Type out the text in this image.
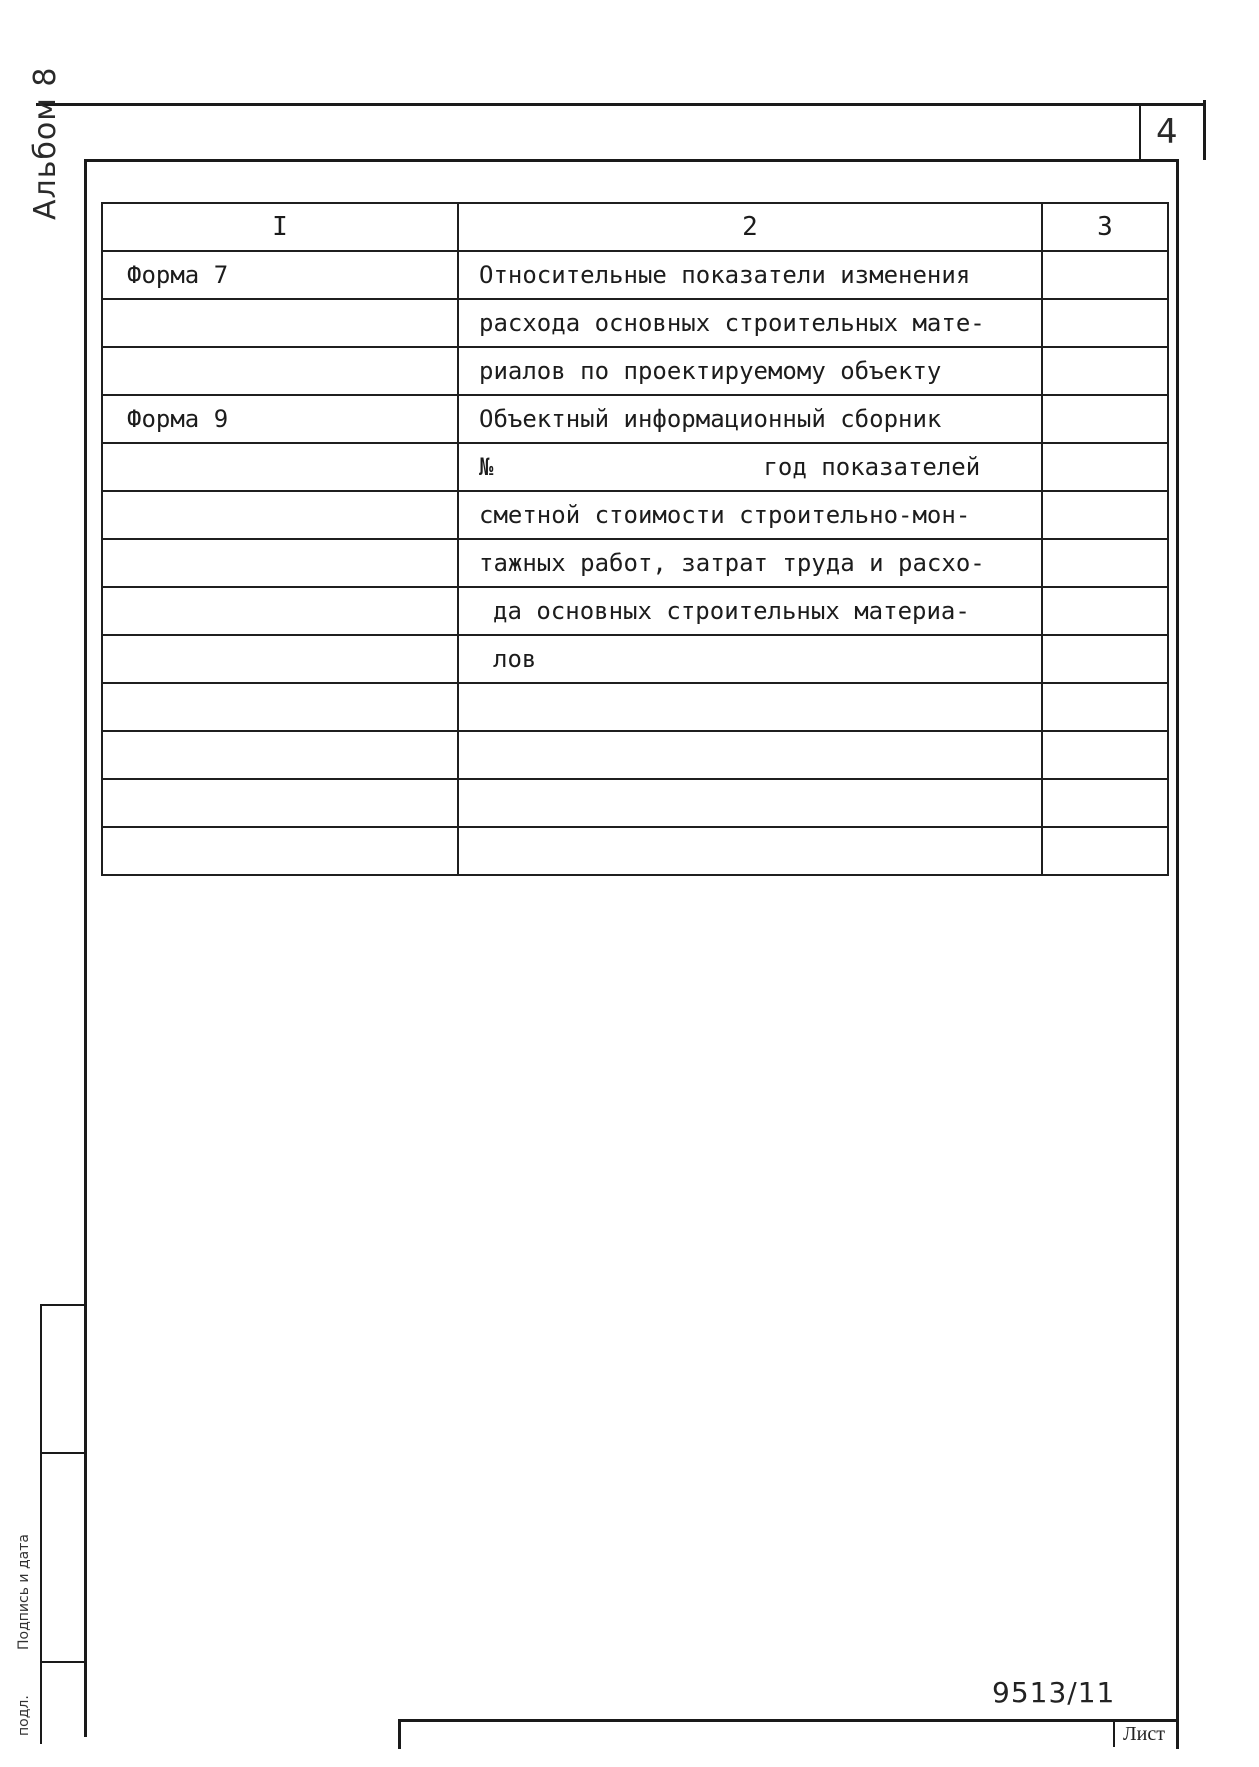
Альбом 8
Подпись и дата
подл.
4
I	2	3
Форма 7	Относительные показатели изменения	
	расхода основных строительных мате-	
	риалов по проектируемому объекту	
Форма 9	Объектный информационный сборник	
	№ год показателей	
	сметной стоимости строительно-мон-	
	тажных работ, затрат труда и расхо-	
	да основных строительных материа-	
	лов	

9513/11
Лист
